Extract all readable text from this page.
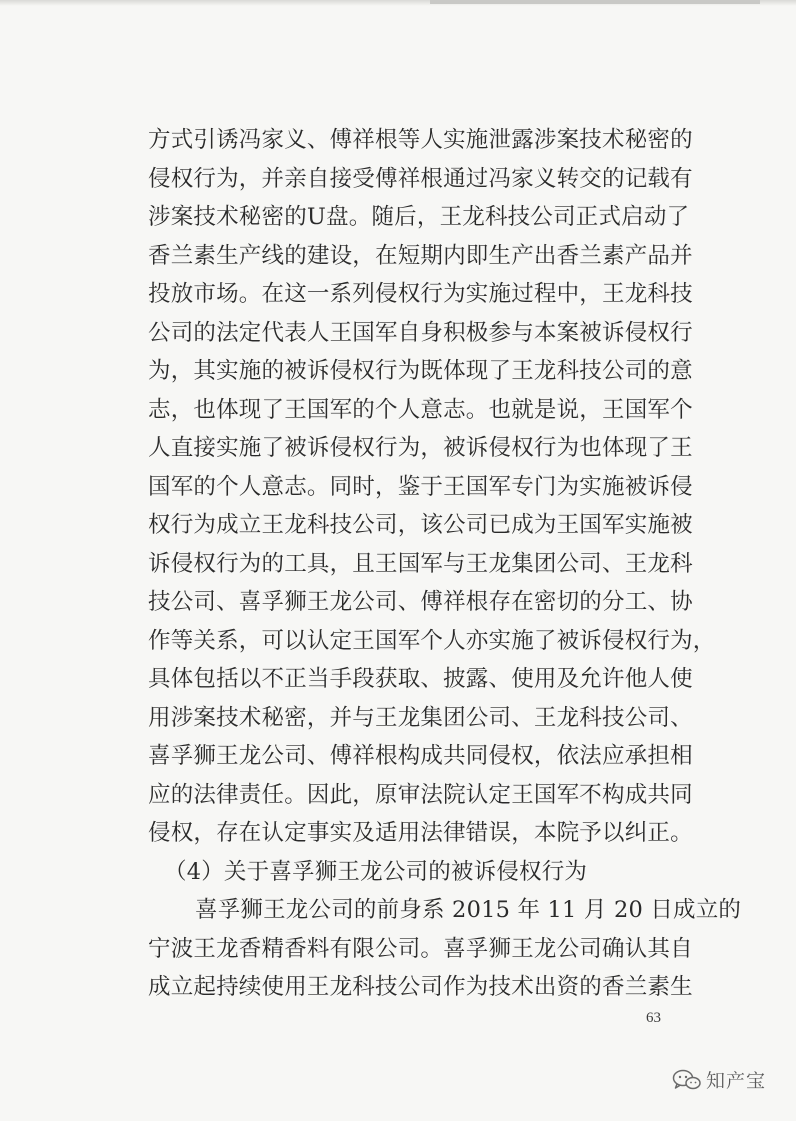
方式引诱冯家义、傅祥根等人实施泄露涉案技术秘密的
侵权行为，并亲自接受傅祥根通过冯家义转交的记载有
涉案技术秘密的U盘。随后，王龙科技公司正式启动了
香兰素生产线的建设，在短期内即生产出香兰素产品并
投放市场。在这一系列侵权行为实施过程中，王龙科技
公司的法定代表人王国军自身积极参与本案被诉侵权行
为，其实施的被诉侵权行为既体现了王龙科技公司的意
志，也体现了王国军的个人意志。也就是说，王国军个
人直接实施了被诉侵权行为，被诉侵权行为也体现了王
国军的个人意志。同时，鉴于王国军专门为实施被诉侵
权行为成立王龙科技公司，该公司已成为王国军实施被
诉侵权行为的工具，且王国军与王龙集团公司、王龙科
技公司、喜孚狮王龙公司、傅祥根存在密切的分工、协
作等关系，可以认定王国军个人亦实施了被诉侵权行为，
具体包括以不正当手段获取、披露、使用及允许他人使
用涉案技术秘密，并与王龙集团公司、王龙科技公司、
喜孚狮王龙公司、傅祥根构成共同侵权，依法应承担相
应的法律责任。因此，原审法院认定王国军不构成共同
侵权，存在认定事实及适用法律错误，本院予以纠正。
（4）关于喜孚狮王龙公司的被诉侵权行为
喜孚狮王龙公司的前身系 2015 年 11 月 20 日成立的
宁波王龙香精香料有限公司。喜孚狮王龙公司确认其自
成立起持续使用王龙科技公司作为技术出资的香兰素生
63
知产宝
